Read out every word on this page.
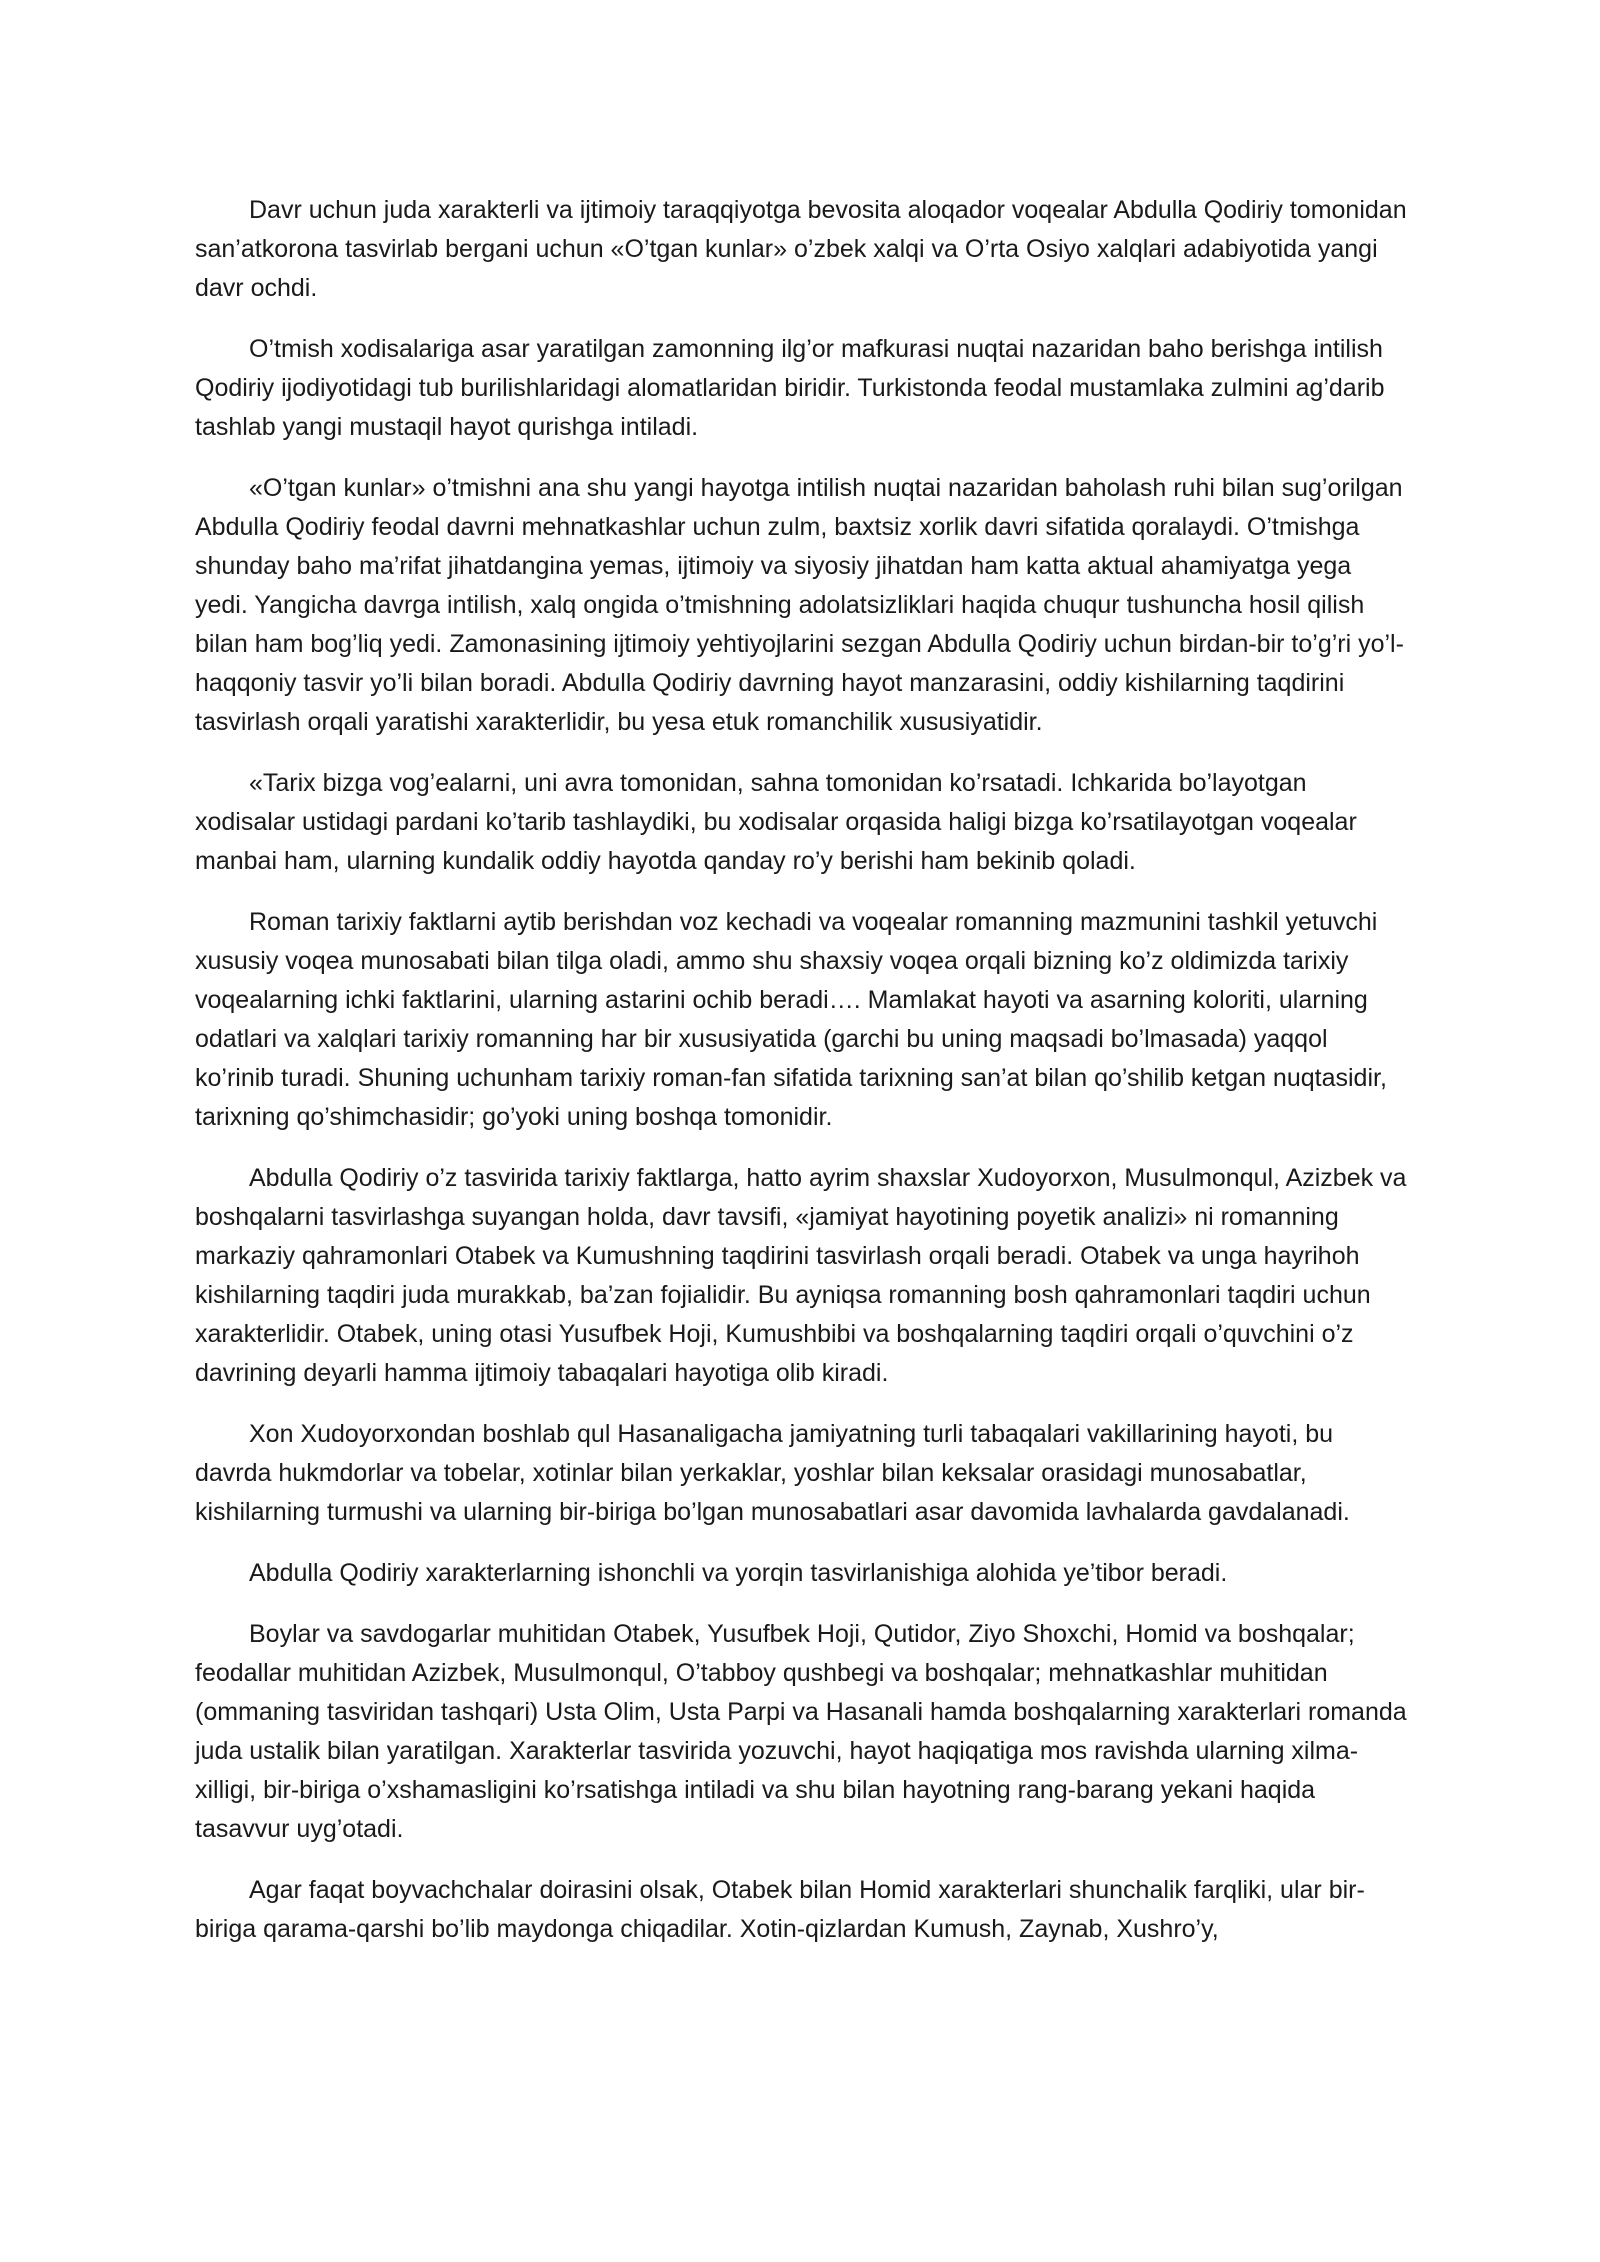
Davr uchun juda xarakterli va ijtimoiy taraqqiyotga bevosita aloqador voqealar Abdulla Qodiriy tomonidan san’atkorona tasvirlab bergani uchun «O’tgan kunlar» o’zbek xalqi va O’rta Osiyo xalqlari adabiyotida yangi davr ochdi.

O’tmish xodisalariga asar yaratilgan zamonning ilg’or mafkurasi nuqtai nazaridan baho berishga intilish Qodiriy ijodiyotidagi tub burilishlaridagi alomatlaridan biridir. Turkistonda feodal mustamlaka zulmini ag’darib tashlab yangi mustaqil hayot qurishga intiladi.

«O’tgan kunlar» o’tmishni ana shu yangi hayotga intilish nuqtai nazaridan baholash ruhi bilan sug’orilgan Abdulla Qodiriy feodal davrni mehnatkashlar uchun zulm, baxtsiz xorlik davri sifatida qoralaydi. O’tmishga shunday baho ma’rifat jihatdangina yemas, ijtimoiy va siyosiy jihatdan ham katta aktual ahamiyatga yega yedi. Yangicha davrga intilish, xalq ongida o’tmishning adolatsizliklari haqida chuqur tushuncha hosil qilish bilan ham bog’liq yedi. Zamonasining ijtimoiy yehtiyojlarini sezgan Abdulla Qodiriy uchun birdan-bir to’g’ri yo’l-haqqoniy tasvir yo’li bilan boradi. Abdulla Qodiriy davrning hayot manzarasini, oddiy kishilarning taqdirini tasvirlash orqali yaratishi xarakterlidir, bu yesa etuk romanchilik xususiyatidir.

«Tarix bizga vog’ealarni, uni avra tomonidan, sahna tomonidan ko’rsatadi. Ichkarida bo’layotgan xodisalar ustidagi pardani ko’tarib tashlaydiki, bu xodisalar orqasida haligi bizga ko’rsatilayotgan voqealar manbai ham, ularning kundalik oddiy hayotda qanday ro’y berishi ham bekinib qoladi.

Roman tarixiy faktlarni aytib berishdan voz kechadi va voqealar romanning mazmunini tashkil yetuvchi xususiy voqea munosabati bilan tilga oladi, ammo shu shaxsiy voqea orqali bizning ko’z oldimizda tarixiy voqealarning ichki faktlarini, ularning astarini ochib beradi…. Mamlakat hayoti va asarning koloriti, ularning odatlari va xalqlari tarixiy romanning har bir xususiyatida (garchi bu uning maqsadi bo’lmasada) yaqqol ko’rinib turadi. Shuning uchunham tarixiy roman-fan sifatida tarixning san’at bilan qo’shilib ketgan nuqtasidir, tarixning qo’shimchasidir; go’yoki uning boshqa tomonidir.

Abdulla Qodiriy o’z tasvirida tarixiy faktlarga, hatto ayrim shaxslar Xudoyorxon, Musulmonqul, Azizbek va boshqalarni tasvirlashga suyangan holda, davr tavsifi, «jamiyat hayotining poyetik analizi» ni romanning markaziy qahramonlari Otabek va Kumushning taqdirini tasvirlash orqali beradi. Otabek va unga hayrihoh kishilarning taqdiri juda murakkab, ba’zan fojialidir. Bu ayniqsa romanning bosh qahramonlari taqdiri uchun xarakterlidir. Otabek, uning otasi Yusufbek Hoji, Kumushbibi va boshqalarning taqdiri orqali o’quvchini o’z davrining deyarli hamma ijtimoiy tabaqalari hayotiga olib kiradi.

Xon Xudoyorxondan boshlab qul Hasanaligacha jamiyatning turli tabaqalari vakillarining hayoti, bu davrda hukmdorlar va tobelar, xotinlar bilan yerkaklar, yoshlar bilan keksalar orasidagi munosabatlar, kishilarning turmushi va ularning bir-biriga bo’lgan munosabatlari asar davomida lavhalarda gavdalanadi.

Abdulla Qodiriy xarakterlarning ishonchli va yorqin tasvirlanishiga alohida ye’tibor beradi.

Boylar va savdogarlar muhitidan Otabek, Yusufbek Hoji, Qutidor, Ziyo Shoxchi, Homid va boshqalar; feodallar muhitidan Azizbek, Musulmonqul, O’tabboy qushbegi va boshqalar; mehnatkashlar muhitidan (ommaning tasviridan tashqari) Usta Olim, Usta Parpi va Hasanali hamda boshqalarning xarakterlari romanda juda ustalik bilan yaratilgan. Xarakterlar tasvirida yozuvchi, hayot haqiqatiga mos ravishda ularning xilma-xilligi, bir-biriga o’xshamasligini ko’rsatishga intiladi va shu bilan hayotning rang-barang yekani haqida tasavvur uyg’otadi.

Agar faqat boyvachchalar doirasini olsak, Otabek bilan Homid xarakterlari shunchalik farqliki, ular bir-biriga qarama-qarshi bo’lib maydonga chiqadilar. Xotin-qizlardan Kumush, Zaynab, Xushro’y,
